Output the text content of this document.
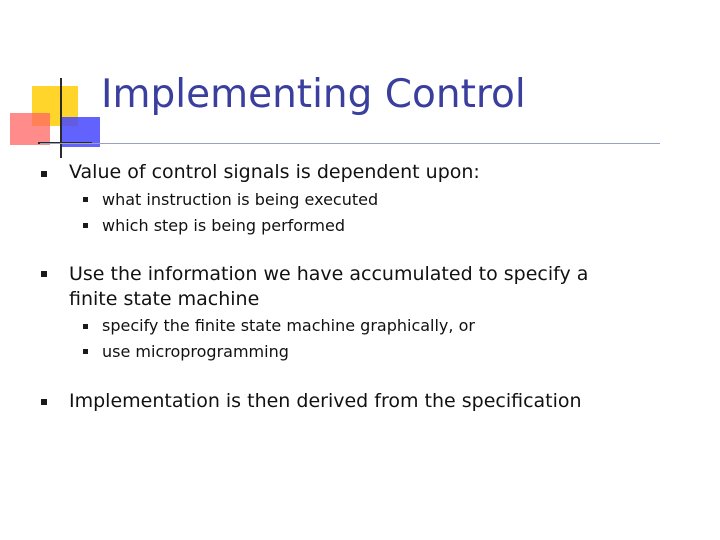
Implementing Control

Value of control signals is dependent upon:

what instruction is being executed

which step is being performed

Use the information we have accumulated to specify a finite state machine

specify the finite state machine graphically, or

use microprogramming

Implementation is then derived from the specification
